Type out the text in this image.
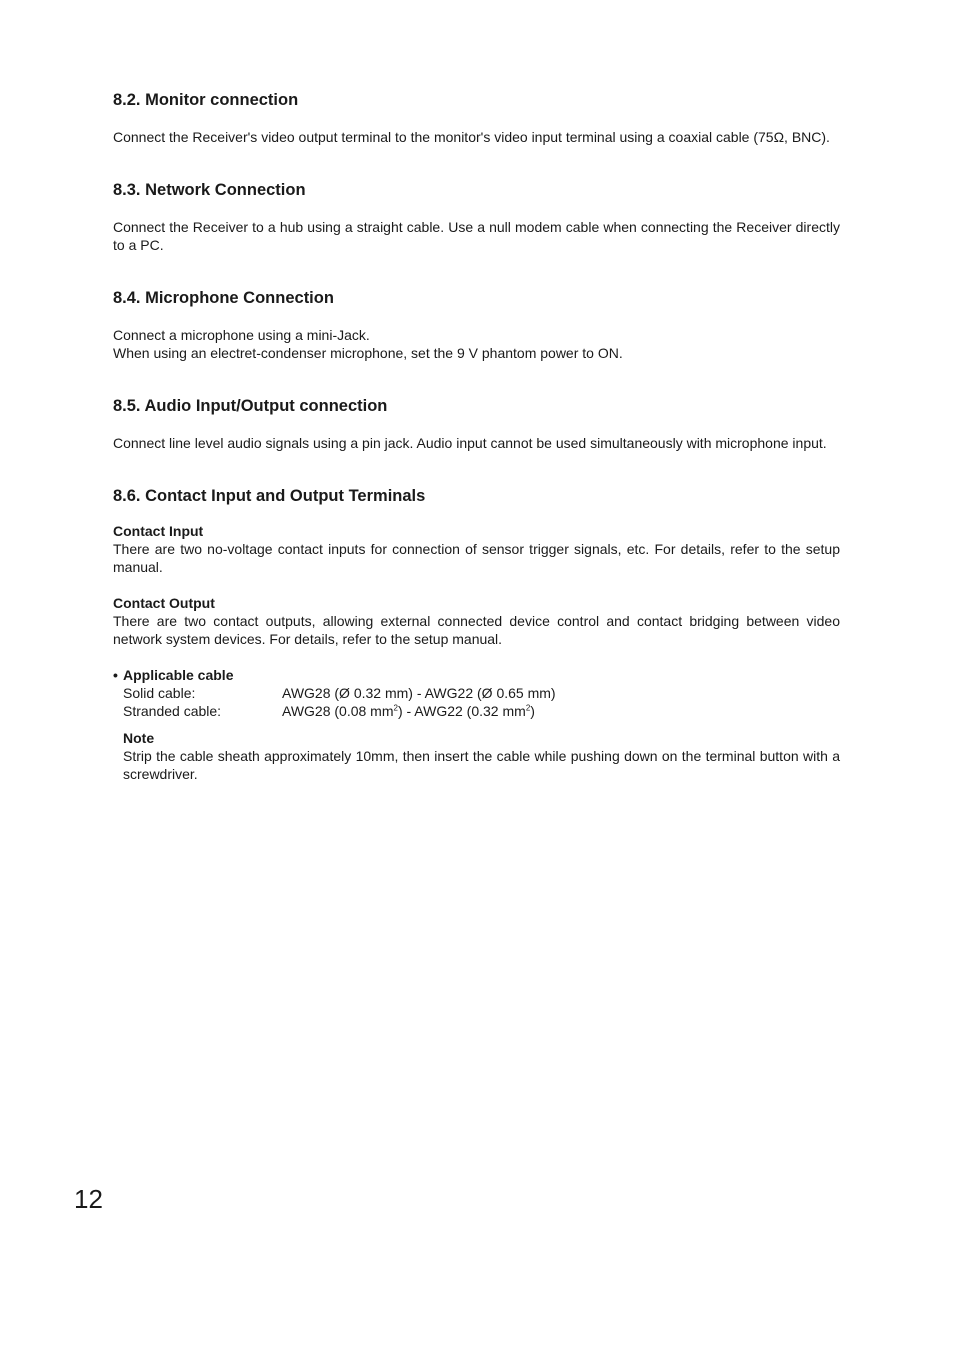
8.2. Monitor connection

Connect the Receiver's video output terminal to the monitor's video input terminal using a coaxial cable (75Ω, BNC).

8.3. Network Connection

Connect the Receiver to a hub using a straight cable. Use a null modem cable when connecting the Receiver directly to a PC.

8.4. Microphone Connection

Connect a microphone using a mini-Jack.

When using an electret-condenser microphone, set the 9 V phantom power to ON.

8.5. Audio Input/Output connection

Connect line level audio signals using a pin jack. Audio input cannot be used simultaneously with microphone input.

8.6. Contact Input and Output Terminals
Contact Input

There are two no-voltage contact inputs for connection of sensor trigger signals, etc. For details, refer to the setup manual.

Contact Output

There are two contact outputs, allowing external connected device control and contact bridging between video network system devices. For details, refer to the setup manual.

• Applicable cable
Solid cable:	AWG28 (Ø 0.32 mm) - AWG22 (Ø 0.65 mm)
Stranded cable:	AWG28 (0.08 $mm^2) - AWG22$ (0.32 $mm^2$)
Note

Strip the cable sheath approximately 10mm, then insert the cable while pushing down on the terminal button with a screwdriver.

12
